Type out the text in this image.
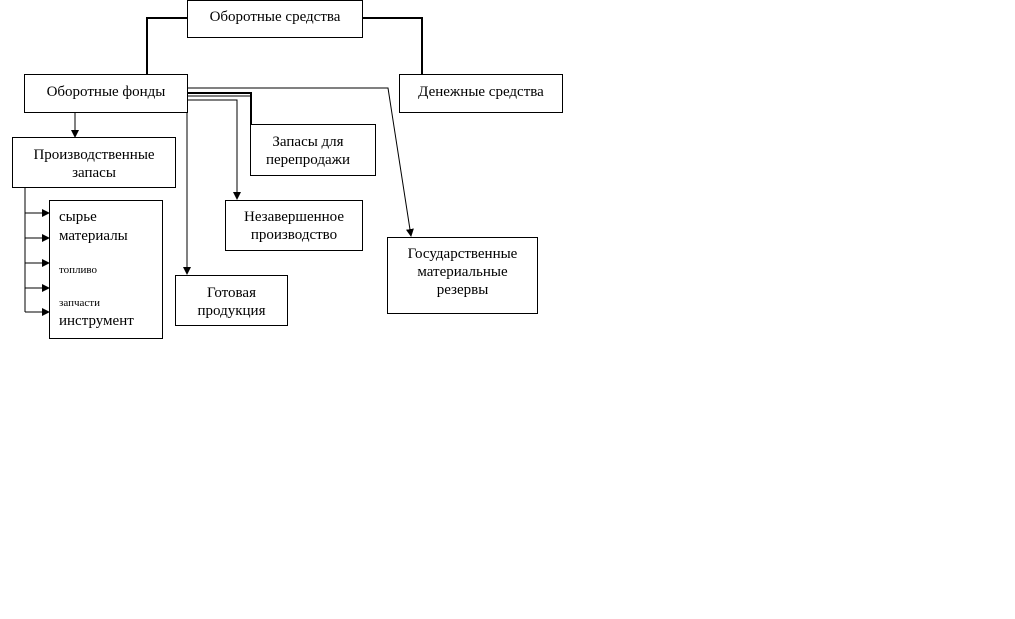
Оборотные средства
Оборотные фонды	Денежные средства
Производственные запасы
Запасы для перепродажи
Незавершенное производство
Готовая продукция
Государственные материальные резервы
сырье
материалы
топливо
запчасти
инструмент
